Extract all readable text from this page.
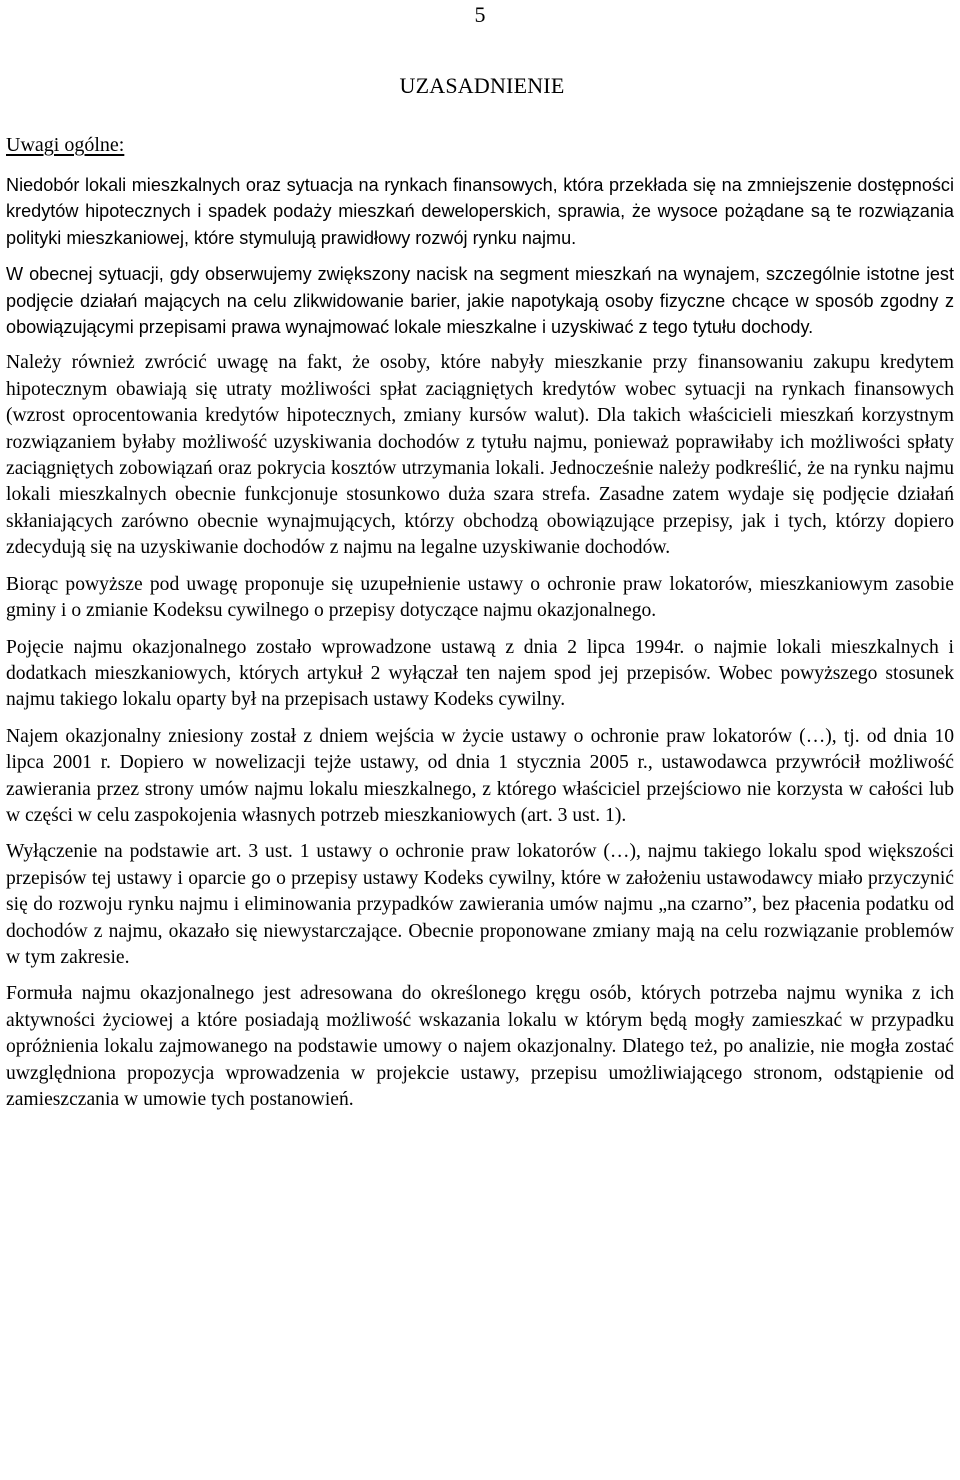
5
UZASADNIENIE
Uwagi ogólne:

Niedobór lokali mieszkalnych oraz sytuacja na rynkach finansowych, która przekłada się na zmniejszenie dostępności kredytów hipotecznych i spadek podaży mieszkań deweloperskich, sprawia, że wysoce pożądane są te rozwiązania polityki mieszkaniowej, które stymulują prawidłowy rozwój rynku najmu.

W obecnej sytuacji, gdy obserwujemy zwiększony nacisk na segment mieszkań na wynajem, szczególnie istotne jest podjęcie działań mających na celu zlikwidowanie barier, jakie napotykają osoby fizyczne chcące w sposób zgodny z obowiązującymi przepisami prawa wynajmować lokale mieszkalne i uzyskiwać z tego tytułu dochody.

Należy również zwrócić uwagę na fakt, że osoby, które nabyły mieszkanie przy finansowaniu zakupu kredytem hipotecznym obawiają się utraty możliwości spłat zaciągniętych kredytów wobec sytuacji na rynkach finansowych (wzrost oprocentowania kredytów hipotecznych, zmiany kursów walut). Dla takich właścicieli mieszkań korzystnym rozwiązaniem byłaby możliwość uzyskiwania dochodów z tytułu najmu, ponieważ poprawiłaby ich możliwości spłaty zaciągniętych zobowiązań oraz pokrycia kosztów utrzymania lokali. Jednocześnie należy podkreślić, że na rynku najmu lokali mieszkalnych obecnie funkcjonuje stosunkowo duża szara strefa. Zasadne zatem wydaje się podjęcie działań skłaniających zarówno obecnie wynajmujących, którzy obchodzą obowiązujące przepisy, jak i tych, którzy dopiero zdecydują się na uzyskiwanie dochodów z najmu na legalne uzyskiwanie dochodów.

Biorąc powyższe pod uwagę proponuje się uzupełnienie ustawy o ochronie praw lokatorów, mieszkaniowym zasobie gminy i o zmianie Kodeksu cywilnego o przepisy dotyczące najmu okazjonalnego.

Pojęcie najmu okazjonalnego zostało wprowadzone ustawą z dnia 2 lipca 1994r. o najmie lokali mieszkalnych i dodatkach mieszkaniowych, których artykuł 2 wyłączał ten najem spod jej przepisów. Wobec powyższego stosunek najmu takiego lokalu oparty był na przepisach ustawy Kodeks cywilny.

Najem okazjonalny zniesiony został z dniem wejścia w życie ustawy o ochronie praw lokatorów (…), tj. od dnia 10 lipca 2001 r. Dopiero w nowelizacji tejże ustawy, od dnia 1 stycznia 2005 r., ustawodawca przywrócił możliwość zawierania przez strony umów najmu lokalu mieszkalnego, z którego właściciel przejściowo nie korzysta w całości lub w części w celu zaspokojenia własnych potrzeb mieszkaniowych (art. 3 ust. 1).

Wyłączenie na podstawie art. 3 ust. 1 ustawy o ochronie praw lokatorów (…), najmu takiego lokalu spod większości przepisów tej ustawy i oparcie go o przepisy ustawy Kodeks cywilny, które w założeniu ustawodawcy miało przyczynić się do rozwoju rynku najmu i eliminowania przypadków zawierania umów najmu „na czarno”, bez płacenia podatku od dochodów z najmu, okazało się niewystarczające. Obecnie proponowane zmiany mają na celu rozwiązanie problemów w tym zakresie.

Formuła najmu okazjonalnego jest adresowana do określonego kręgu osób, których potrzeba najmu wynika z ich aktywności życiowej a które posiadają możliwość wskazania lokalu w którym będą mogły zamieszkać w przypadku opróżnienia lokalu zajmowanego na podstawie umowy o najem okazjonalny. Dlatego też, po analizie, nie mogła zostać uwzględniona propozycja wprowadzenia w projekcie ustawy, przepisu umożliwiającego stronom, odstąpienie od zamieszczania w umowie tych postanowień.
